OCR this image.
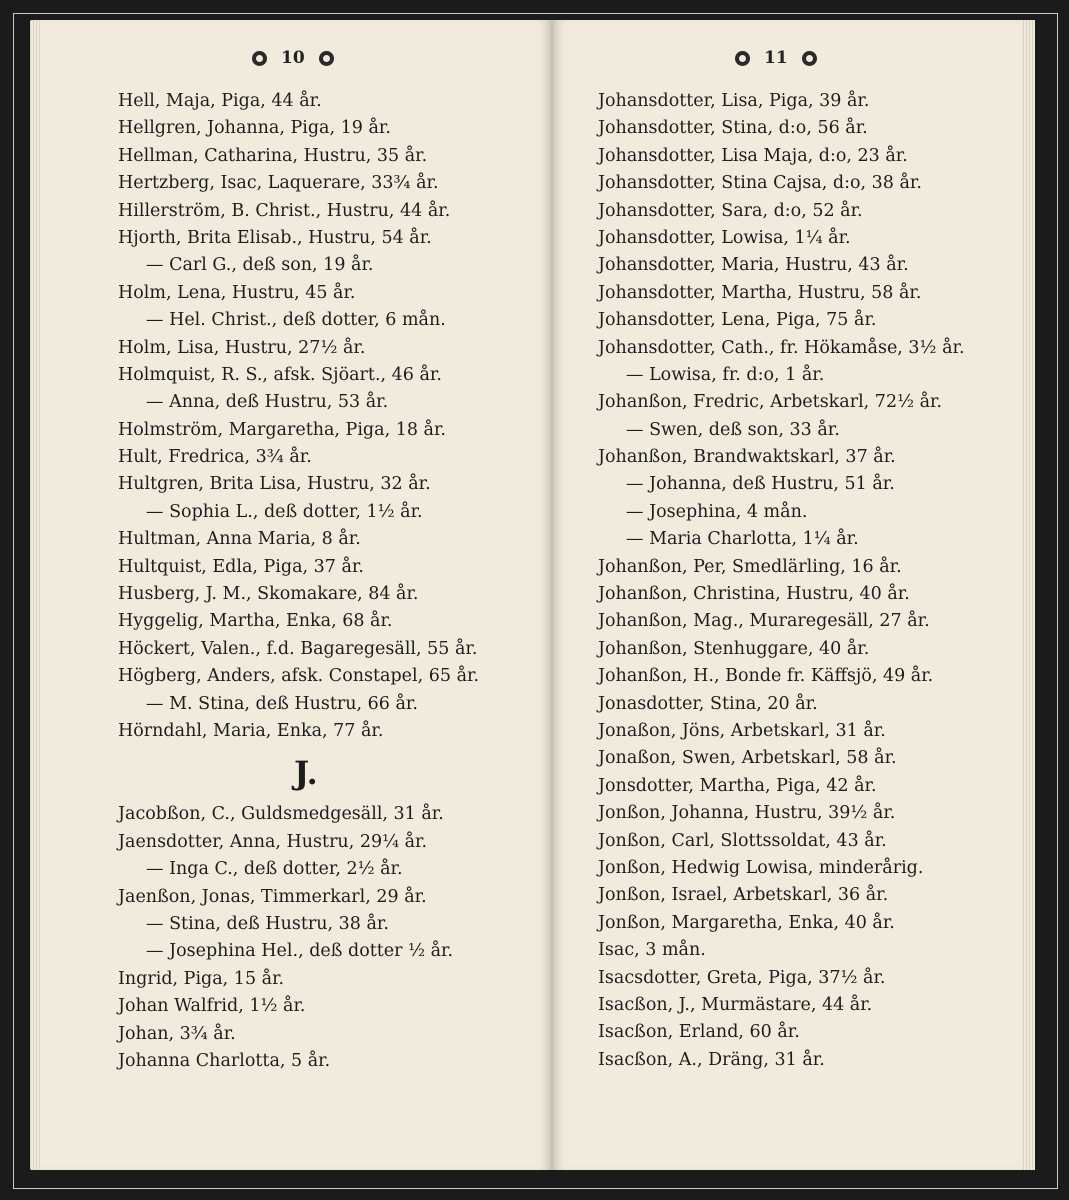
10
Hell, Maja, Piga, 44 år.
Hellgren, Johanna, Piga, 19 år.
Hellman, Catharina, Hustru, 35 år.
Hertzberg, Isac, Laquerare, 33¾ år.
Hillerström, B. Christ., Hustru, 44 år.
Hjorth, Brita Elisab., Hustru, 54 år.
— Carl G., deß son, 19 år.
Holm, Lena, Hustru, 45 år.
— Hel. Christ., deß dotter, 6 mån.
Holm, Lisa, Hustru, 27½ år.
Holmquist, R. S., afsk. Sjöart., 46 år.
— Anna, deß Hustru, 53 år.
Holmström, Margaretha, Piga, 18 år.
Hult, Fredrica, 3¾ år.
Hultgren, Brita Lisa, Hustru, 32 år.
— Sophia L., deß dotter, 1½ år.
Hultman, Anna Maria, 8 år.
Hultquist, Edla, Piga, 37 år.
Husberg, J. M., Skomakare, 84 år.
Hyggelig, Martha, Enka, 68 år.
Höckert, Valen., f.d. Bagaregesäll, 55 år.
Högberg, Anders, afsk. Constapel, 65 år.
— M. Stina, deß Hustru, 66 år.
Hörndahl, Maria, Enka, 77 år.
J.
Jacobßon, C., Guldsmedgesäll, 31 år.
Jaensdotter, Anna, Hustru, 29¼ år.
— Inga C., deß dotter, 2½ år.
Jaenßon, Jonas, Timmerkarl, 29 år.
— Stina, deß Hustru, 38 år.
— Josephina Hel., deß dotter ½ år.
Ingrid, Piga, 15 år.
Johan Walfrid, 1½ år.
Johan, 3¾ år.
Johanna Charlotta, 5 år.
11
Johansdotter, Lisa, Piga, 39 år.
Johansdotter, Stina, d:o, 56 år.
Johansdotter, Lisa Maja, d:o, 23 år.
Johansdotter, Stina Cajsa, d:o, 38 år.
Johansdotter, Sara, d:o, 52 år.
Johansdotter, Lowisa, 1¼ år.
Johansdotter, Maria, Hustru, 43 år.
Johansdotter, Martha, Hustru, 58 år.
Johansdotter, Lena, Piga, 75 år.
Johansdotter, Cath., fr. Hökamåse, 3½ år.
— Lowisa, fr. d:o, 1 år.
Johanßon, Fredric, Arbetskarl, 72½ år.
— Swen, deß son, 33 år.
Johanßon, Brandwaktskarl, 37 år.
— Johanna, deß Hustru, 51 år.
— Josephina, 4 mån.
— Maria Charlotta, 1¼ år.
Johanßon, Per, Smedlärling, 16 år.
Johanßon, Christina, Hustru, 40 år.
Johanßon, Mag., Muraregesäll, 27 år.
Johanßon, Stenhuggare, 40 år.
Johanßon, H., Bonde fr. Käffsjö, 49 år.
Jonasdotter, Stina, 20 år.
Jonaßon, Jöns, Arbetskarl, 31 år.
Jonaßon, Swen, Arbetskarl, 58 år.
Jonsdotter, Martha, Piga, 42 år.
Jonßon, Johanna, Hustru, 39½ år.
Jonßon, Carl, Slottssoldat, 43 år.
Jonßon, Hedwig Lowisa, minderårig.
Jonßon, Israel, Arbetskarl, 36 år.
Jonßon, Margaretha, Enka, 40 år.
Isac, 3 mån.
Isacsdotter, Greta, Piga, 37½ år.
Isacßon, J., Murmästare, 44 år.
Isacßon, Erland, 60 år.
Isacßon, A., Dräng, 31 år.
